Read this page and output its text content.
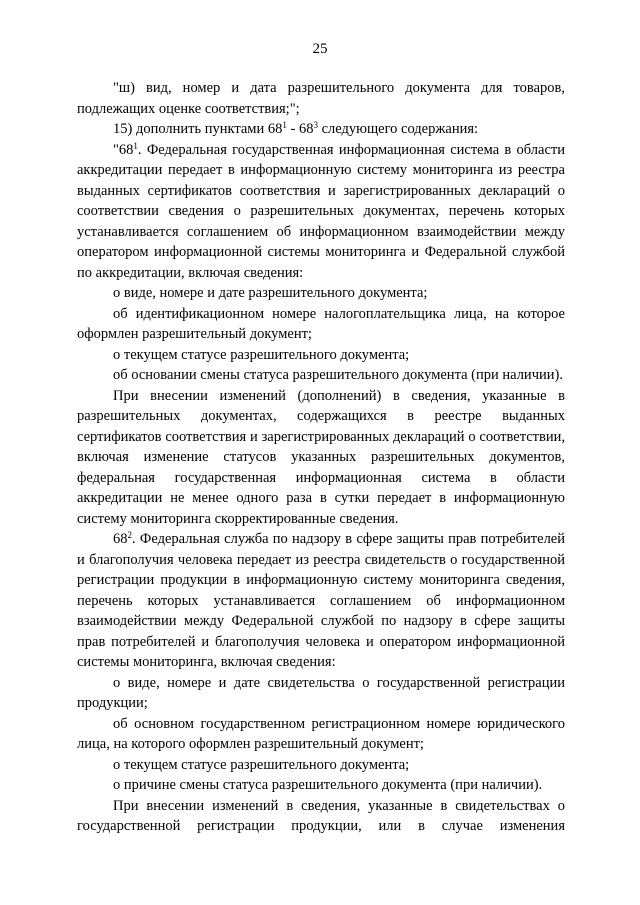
25

"ш) вид, номер и дата разрешительного документа для товаров, подлежащих оценке соответствия;";

15) дополнить пунктами $68^1 - 68^3$ следующего содержания:

"$68^1$. Федеральная государственная информационная система в области аккредитации передает в информационную систему мониторинга из реестра выданных сертификатов соответствия и зарегистрированных деклараций о соответствии сведения о разрешительных документах, перечень которых устанавливается соглашением об информационном взаимодействии между оператором информационной системы мониторинга и Федеральной службой по аккредитации, включая сведения:

о виде, номере и дате разрешительного документа;

об идентификационном номере налогоплательщика лица, на которое оформлен разрешительный документ;

о текущем статусе разрешительного документа;

об основании смены статуса разрешительного документа (при наличии).

При внесении изменений (дополнений) в сведения, указанные в разрешительных документах, содержащихся в реестре выданных сертификатов соответствия и зарегистрированных деклараций о соответствии, включая изменение статусов указанных разрешительных документов, федеральная государственная информационная система в области аккредитации не менее одного раза в сутки передает в информационную систему мониторинга скорректированные сведения.

$68^2$. Федеральная служба по надзору в сфере защиты прав потребителей и благополучия человека передает из реестра свидетельств о государственной регистрации продукции в информационную систему мониторинга сведения, перечень которых устанавливается соглашением об информационном взаимодействии между Федеральной службой по надзору в сфере защиты прав потребителей и благополучия человека и оператором информационной системы мониторинга, включая сведения:

о виде, номере и дате свидетельства о государственной регистрации продукции;

об основном государственном регистрационном номере юридического лица, на которого оформлен разрешительный документ;

о текущем статусе разрешительного документа;

о причине смены статуса разрешительного документа (при наличии).

При внесении изменений в сведения, указанные в свидетельствах о государственной регистрации продукции, или в случае изменения
